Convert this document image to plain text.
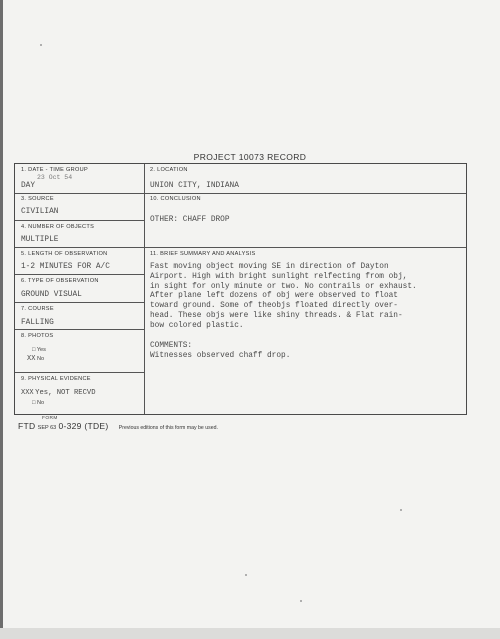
PROJECT 10073 RECORD
1. DATE - TIME GROUP
23 Oct 54
DAY
2. LOCATION
UNION CITY, INDIANA
3. SOURCE
CIVILIAN
4. NUMBER OF OBJECTS
MULTIPLE
10. CONCLUSION
OTHER: CHAFF DROP
5. LENGTH OF OBSERVATION
1-2 MINUTES FOR A/C
6. TYPE OF OBSERVATION
GROUND VISUAL
7. COURSE
FALLING
8. PHOTOS
□ Yes
XX No
9. PHYSICAL EVIDENCE
XXX Yes, NOT RECVD
□ No
11. BRIEF SUMMARY AND ANALYSIS
Fast moving object moving SE in direction of Dayton
Airport. High with bright sunlight relfecting from obj,
in sight for only minute or two. No contrails or exhaust.
After plane left dozens of obj were observed to float
toward ground. Some of theobjs floated directly over-
head. These objs were like shiny threads. & Flat rain-
bow colored plastic.
COMMENTS:
Witnesses observed chaff drop.
FORM
FTD SEP 63 0-329 (TDE) Previous editions of this form may be used.
